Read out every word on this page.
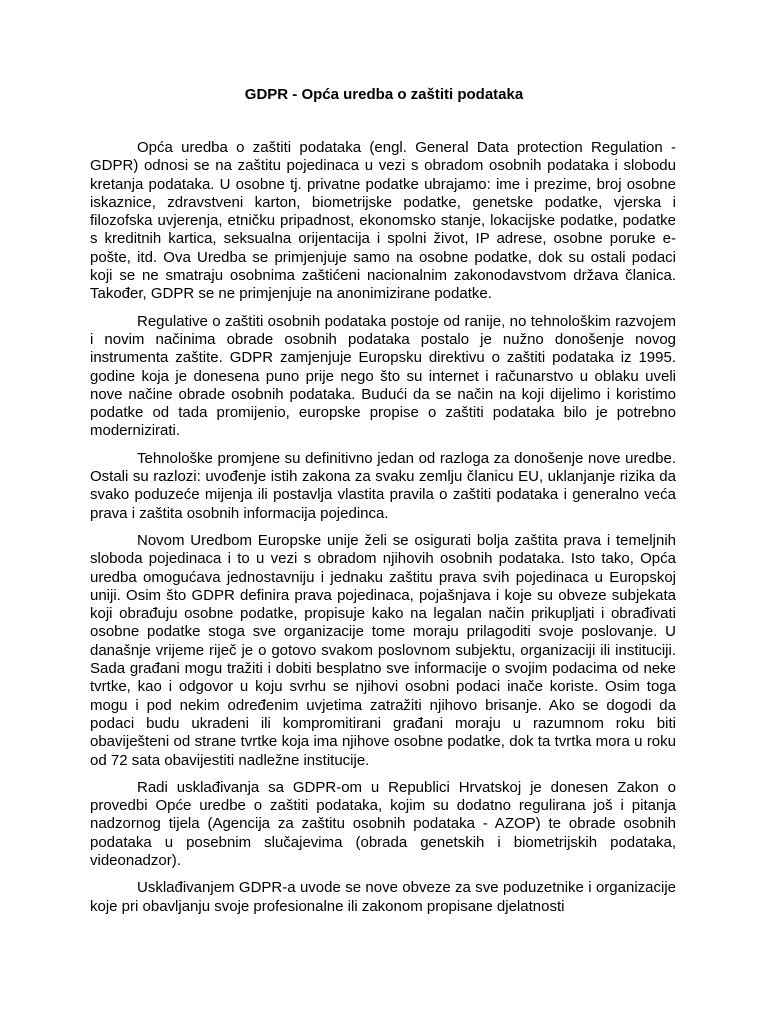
GDPR - Opća uredba o zaštiti podataka

Opća uredba o zaštiti podataka (engl. General Data protection Regulation - GDPR) odnosi se na zaštitu pojedinaca u vezi s obradom osobnih podataka i slobodu kretanja podataka. U osobne tj. privatne podatke ubrajamo: ime i prezime, broj osobne iskaznice, zdravstveni karton, biometrijske podatke, genetske podatke, vjerska i filozofska uvjerenja, etničku pripadnost, ekonomsko stanje, lokacijske podatke, podatke s kreditnih kartica, seksualna orijentacija i spolni život, IP adrese, osobne poruke e-pošte, itd. Ova Uredba se primjenjuje samo na osobne podatke, dok su ostali podaci koji se ne smatraju osobnima zaštićeni nacionalnim zakonodavstvom država članica. Također, GDPR se ne primjenjuje na anonimizirane podatke.

Regulative o zaštiti osobnih podataka postoje od ranije, no tehnološkim razvojem i novim načinima obrade osobnih podataka postalo je nužno donošenje novog instrumenta zaštite. GDPR zamjenjuje Europsku direktivu o zaštiti podataka iz 1995. godine koja je donesena puno prije nego što su internet i računarstvo u oblaku uveli nove načine obrade osobnih podataka. Budući da se način na koji dijelimo i koristimo podatke od tada promijenio, europske propise o zaštiti podataka bilo je potrebno modernizirati.

Tehnološke promjene su definitivno jedan od razloga za donošenje nove uredbe. Ostali su razlozi: uvođenje istih zakona za svaku zemlju članicu EU, uklanjanje rizika da svako poduzeće mijenja ili postavlja vlastita pravila o zaštiti podataka i generalno veća prava i zaštita osobnih informacija pojedinca.

Novom Uredbom Europske unije želi se osigurati bolja zaštita prava i temeljnih sloboda pojedinaca i to u vezi s obradom njihovih osobnih podataka. Isto tako, Opća uredba omogućava jednostavniju i jednaku zaštitu prava svih pojedinaca u Europskoj uniji. Osim što GDPR definira prava pojedinaca, pojašnjava i koje su obveze subjekata koji obrađuju osobne podatke, propisuje kako na legalan način prikupljati i obrađivati osobne podatke stoga sve organizacije tome moraju prilagoditi svoje poslovanje. U današnje vrijeme riječ je o gotovo svakom poslovnom subjektu, organizaciji ili instituciji. Sada građani mogu tražiti i dobiti besplatno sve informacije o svojim podacima od neke tvrtke, kao i odgovor u koju svrhu se njihovi osobni podaci inače koriste. Osim toga mogu i pod nekim određenim uvjetima zatražiti njihovo brisanje. Ako se dogodi da podaci budu ukradeni ili kompromitirani građani moraju u razumnom roku biti obaviješteni od strane tvrtke koja ima njihove osobne podatke, dok ta tvrtka mora u roku od 72 sata obavijestiti nadležne institucije.

Radi usklađivanja sa GDPR-om u Republici Hrvatskoj je donesen Zakon o provedbi Opće uredbe o zaštiti podataka, kojim su dodatno regulirana još i pitanja nadzornog tijela (Agencija za zaštitu osobnih podataka - AZOP) te obrade osobnih podataka u posebnim slučajevima (obrada genetskih i biometrijskih podataka, videonadzor).

Usklađivanjem GDPR-a uvode se nove obveze za sve poduzetnike i organizacije koje pri obavljanju svoje profesionalne ili zakonom propisane djelatnosti
